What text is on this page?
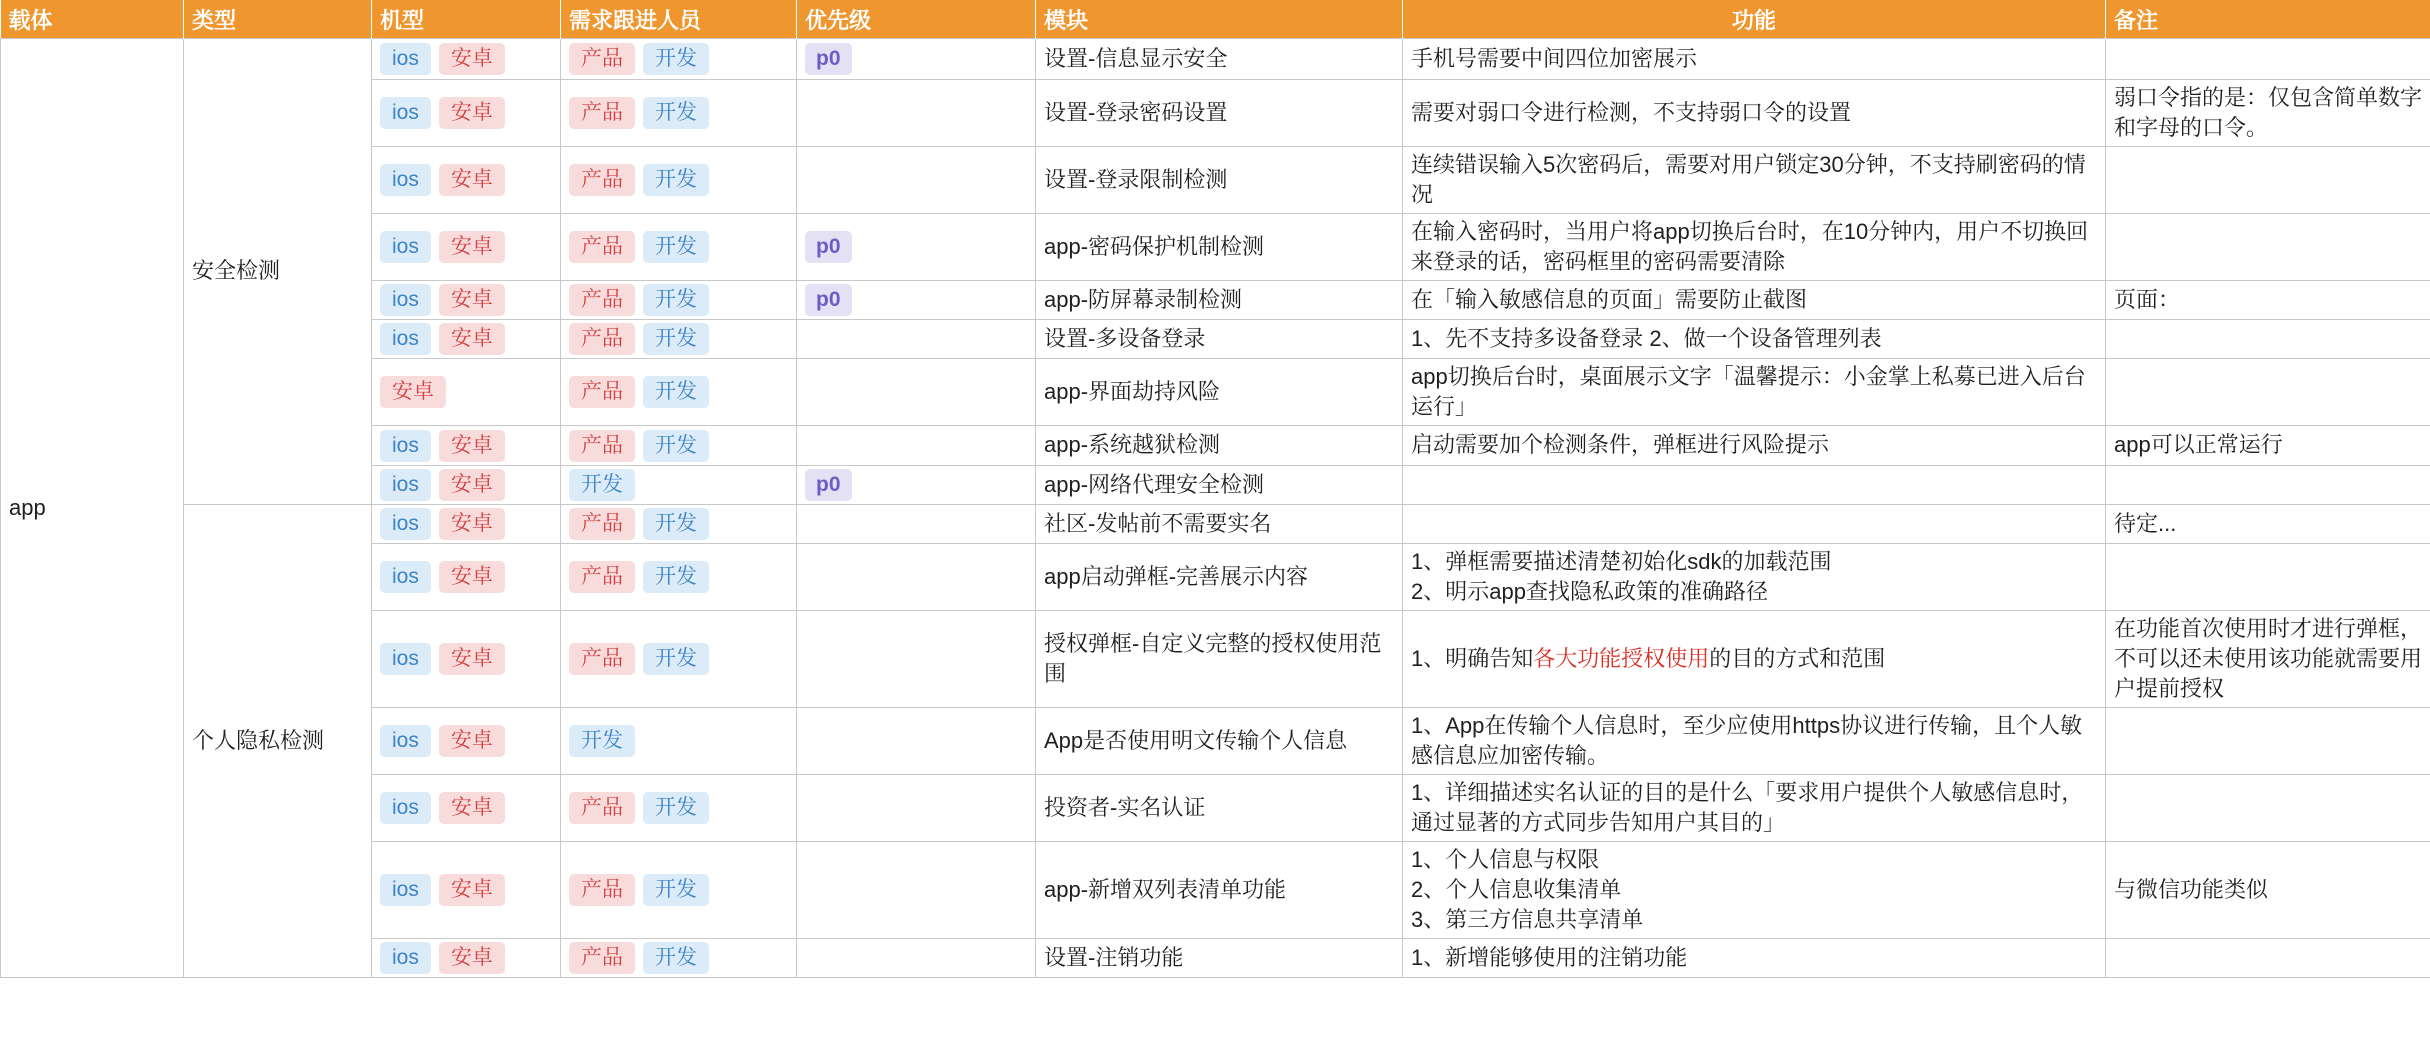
载体	类型	机型	需求跟进人员	优先级	模块	功能	备注
app	安全检测	ios 安卓	产品 开发	p0	设置-信息显示安全	手机号需要中间四位加密展示	

		ios 安卓	产品 开发		设置-登录密码设置	需要对弱口令进行检测，不支持弱口令的设置	弱口令指的是：仅包含简单数字和字母的口令。
		ios 安卓	产品 开发		设置-登录限制检测	连续错误输入5次密码后，需要对用户锁定30分钟，不支持刷密码的情况	

		ios 安卓	产品 开发	p0	app-密码保护机制检测	在输入密码时，当用户将app切换后台时，在10分钟内，用户不切换回来登录的话，密码框里的密码需要清除	

		ios 安卓	产品 开发	p0	app-防屏幕录制检测	在「输入敏感信息的页面」需要防止截图	页面：
		ios 安卓	产品 开发		设置-多设备登录	1、先不支持多设备登录 2、做一个设备管理列表	

		安卓	产品 开发		app-界面劫持风险	app切换后台时，桌面展示文字「温馨提示：小金掌上私募已进入后台运行」	

		ios 安卓	产品 开发		app-系统越狱检测	启动需要加个检测条件，弹框进行风险提示	app可以正常运行
		ios 安卓	开发	p0	app-网络代理安全检测	

	个人隐私检测	ios 安卓	产品 开发		社区-发帖前不需要实名		待定...
		ios 安卓	产品 开发		app启动弹框-完善展示内容	1、弹框需要描述清楚初始化sdk的加载范围
2、明示app查找隐私政策的准确路径	

		ios 安卓	产品 开发		授权弹框-自定义完整的授权使用范围	1、明确告知各大功能授权使用的目的方式和范围	在功能首次使用时才进行弹框，不可以还未使用该功能就需要用户提前授权
		ios 安卓	开发		App是否使用明文传输个人信息	1、App在传输个人信息时，至少应使用https协议进行传输，且个人敏感信息应加密传输。	

		ios 安卓	产品 开发		投资者-实名认证	1、详细描述实名认证的目的是什么「要求用户提供个人敏感信息时，通过显著的方式同步告知用户其目的」	

		ios 安卓	产品 开发		app-新增双列表清单功能	1、个人信息与权限
2、个人信息收集清单
3、第三方信息共享清单	与微信功能类似
		ios 安卓	产品 开发		设置-注销功能	1、新增能够使用的注销功能	
